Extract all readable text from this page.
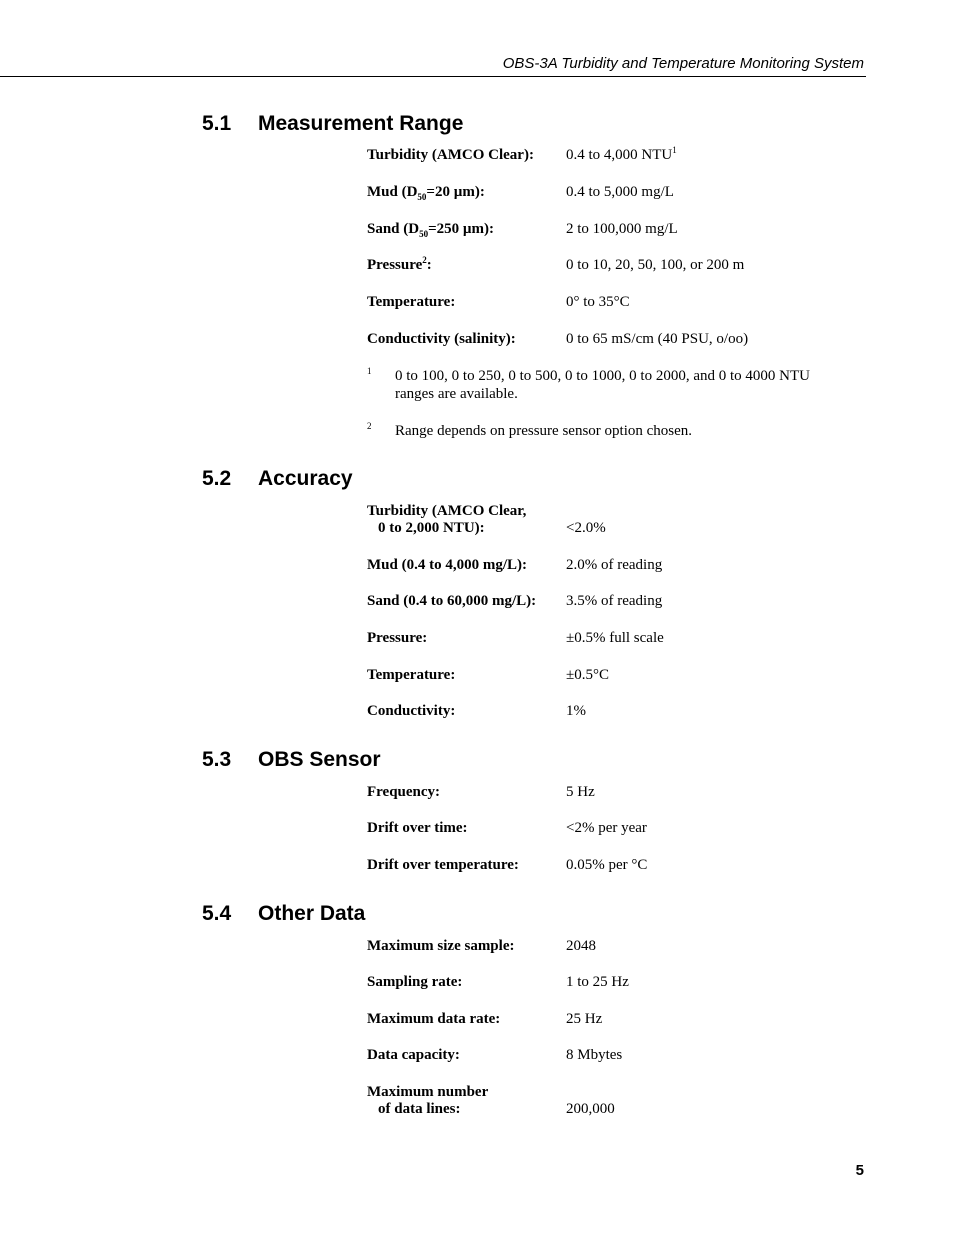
OBS-3A Turbidity and Temperature Monitoring System
5.1 Measurement Range
Turbidity (AMCO Clear): 0.4 to 4,000 NTU$^1$
Mud ($D_{50}=20$ µm):	0.4 to 5,000 mg/L
Sand ($D_{50}=250$ µm):	2 to 100,000 mg/L
Pressure$^2$:	0 to 10, 20, 50, 100, or 200 m
Temperature:	0° to 35°C
Conductivity (salinity):	0 to 65 mS/cm (40 PSU, o/oo)
1 0 to 100, 0 to 250, 0 to 500, 0 to 1000, 0 to 2000, and 0 to 4000 NTU ranges are available.
2 Range depends on pressure sensor option chosen.
5.2 Accuracy
Turbidity (AMCO Clear,
0 to 2,000 NTU):	<2.0%
Mud (0.4 to 4,000 mg/L):	2.0% of reading
Sand (0.4 to 60,000 mg/L): 3.5% of reading
Pressure:	±0.5% full scale
Temperature:	±0.5°C
Conductivity:	1%
5.3 OBS Sensor
Frequency:	5 Hz
Drift over time:	<2% per year
Drift over temperature:	0.05% per °C
5.4 Other Data
Maximum size sample:	2048
Sampling rate:	1 to 25 Hz
Maximum data rate:	25 Hz
Data capacity:	8 Mbytes
Maximum number
of data lines:	200,000
5
